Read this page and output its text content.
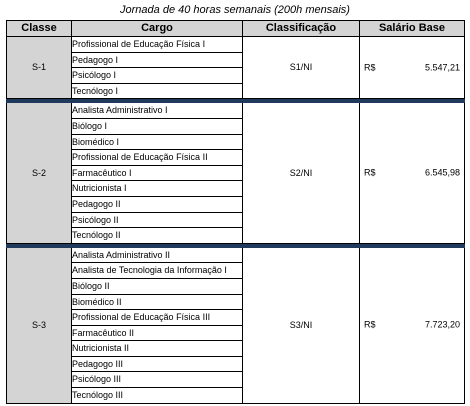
Jornada de 40 horas semanais (200h mensais)
Classe	Cargo	Classificação	Salário Base
S-1	Profissional de Educação Física I	S1/NI	R$ 5.547,21

	Pedagogo I		
	Psicólogo I		
	Tecnólogo I		

S-2	Analista Administrativo I	S2/NI	R$ 6.545,98

	Biólogo I		
	Biomédico I		
	Profissional de Educação Física II		
	Farmacêutico I		
	Nutricionista I		
	Pedagogo II		
	Psicólogo II		
	Tecnólogo II		

S-3	Analista Administrativo II	S3/NI	R$ 7.723,20

	Analista de Tecnologia da Informação I		
	Biólogo II		
	Biomédico II		
	Profissional de Educação Física III		
	Farmacêutico II		
	Nutricionista II		
	Pedagogo III		
	Psicólogo III		
	Tecnólogo III		
